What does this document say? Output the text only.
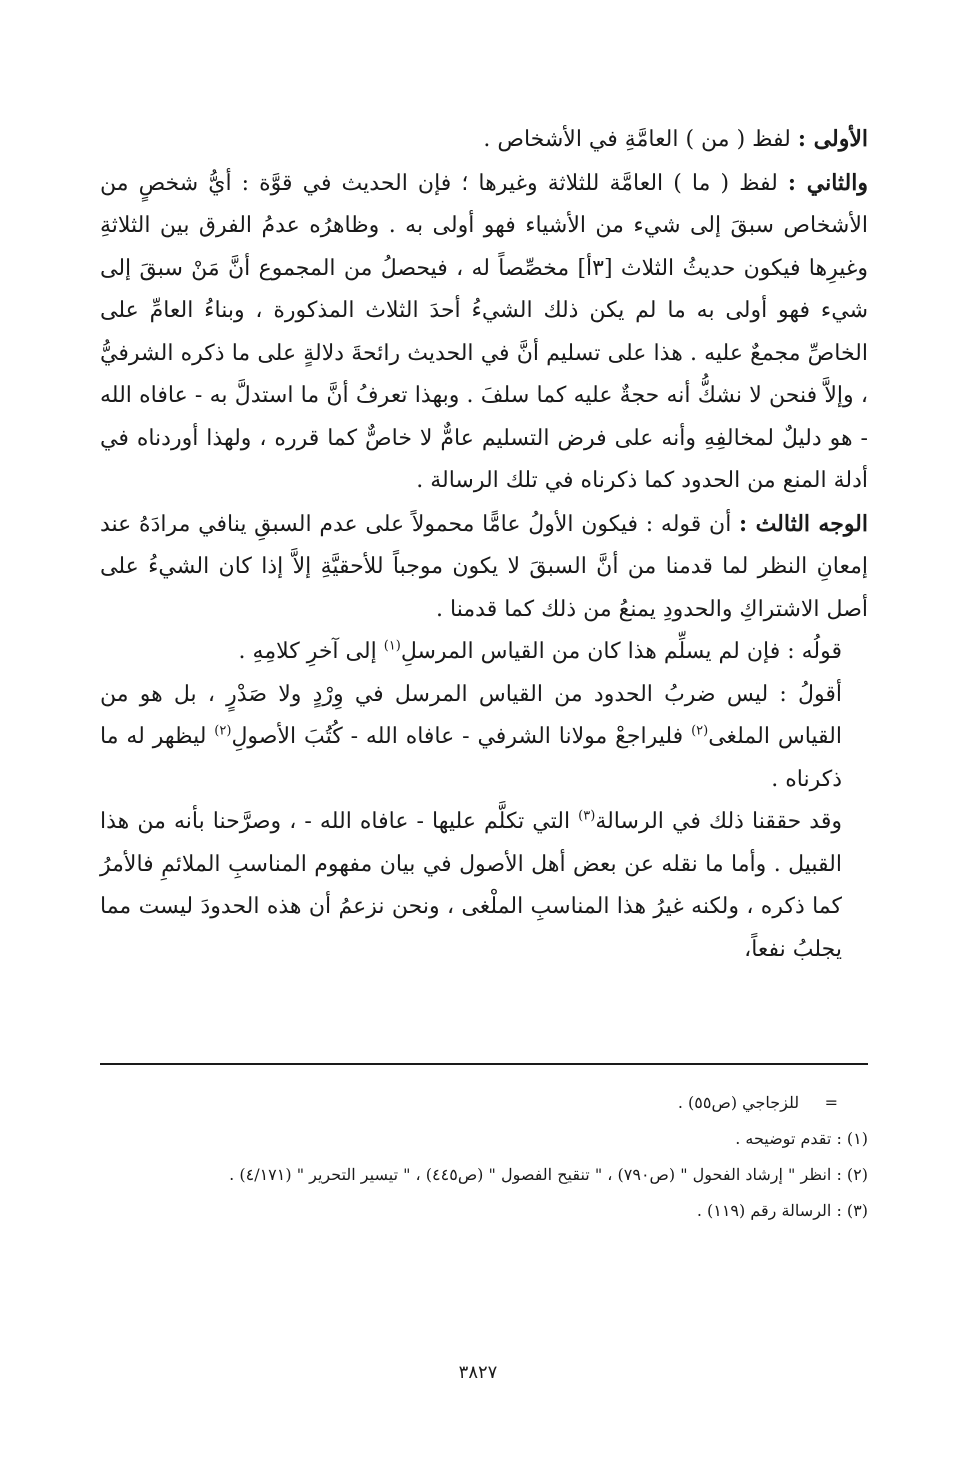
الأولى : لفظ ( من ) العامَّةِ في الأشخاص .

والثاني : لفظ ( ما ) العامَّة للثلاثة وغيرها ؛ فإن الحديث في قوَّة : أيُّ شخصٍ من الأشخاص سبقَ إلى شيء من الأشياء فهو أولى به . وظاهرُه عدمُ الفرق بين الثلاثةِ وغيرِها فيكون حديثُ الثلاث [٣أ] مخصِّصاً له ، فيحصلُ من المجموع أنَّ مَنْ سبقَ إلى شيء فهو أولى به ما لم يكن ذلك الشيءُ أحدَ الثلاث المذكورة ، وبناءُ العامِّ على الخاصِّ مجمعٌ عليه . هذا على تسليم أنَّ في الحديث رائحةَ دلالةٍ على ما ذكره الشرفيُّ ، وإلاَّ فنحن لا نشكُّ أنه حجةٌ عليه كما سلفَ . وبهذا تعرفُ أنَّ ما استدلَّ به - عافاه الله - هو دليلٌ لمخالفِهِ وأنه على فرض التسليم عامٌّ لا خاصٌّ كما قرره ، ولهذا أوردناه في أدلة المنع من الحدود كما ذكرناه في تلك الرسالة .

الوجه الثالث : أن قوله : فيكون الأولُ عامًّا محمولاً على عدم السبقِ ينافي مرادَهُ عند إمعانِ النظر لما قدمنا من أنَّ السبقَ لا يكون موجباً للأحقيَّةِ إلاَّ إذا كان الشيءُ على أصل الاشتراكِ والحدودِ يمنعُ من ذلك كما قدمنا .

قولُه : فإن لم يسلِّم هذا كان من القياس المرسلِ$^{(١)}$ إلى آخرِ كلامِهِ .

أقولُ : ليس ضربُ الحدود من القياس المرسل في وِرْدٍ ولا صَدْرٍ ، بل هو من القياس الملغى$^{(٢)}$ فليراجعْ مولانا الشرفي - عافاه الله - كُتُبَ الأصولِ$^{(٢)}$ ليظهر له ما ذكرناه .

وقد حققنا ذلك في الرسالة$^{(٣)}$ التي تكلَّم عليها - عافاه الله - ، وصرَّحنا بأنه من هذا القبيل . وأما ما نقله عن بعض أهل الأصول في بيان مفهوم المناسبِ الملائمِ فالأمرُ كما ذكره ، ولكنه غيرُ هذا المناسبِ الملْغى ، ونحن نزعمُ أن هذه الحدودَ ليست مما يجلبُ نفعاً،

=     للزجاجي (ص٥٥) .

(١) : تقدم توضيحه .

(٢) : انظر " إرشاد الفحول " (ص٧٩٠) ، " تنقيح الفصول " (ص٤٤٥) ، " تيسير التحرير " (٤/١٧١) .

(٣) : الرسالة رقم (١١٩) .

٣٨٢٧
